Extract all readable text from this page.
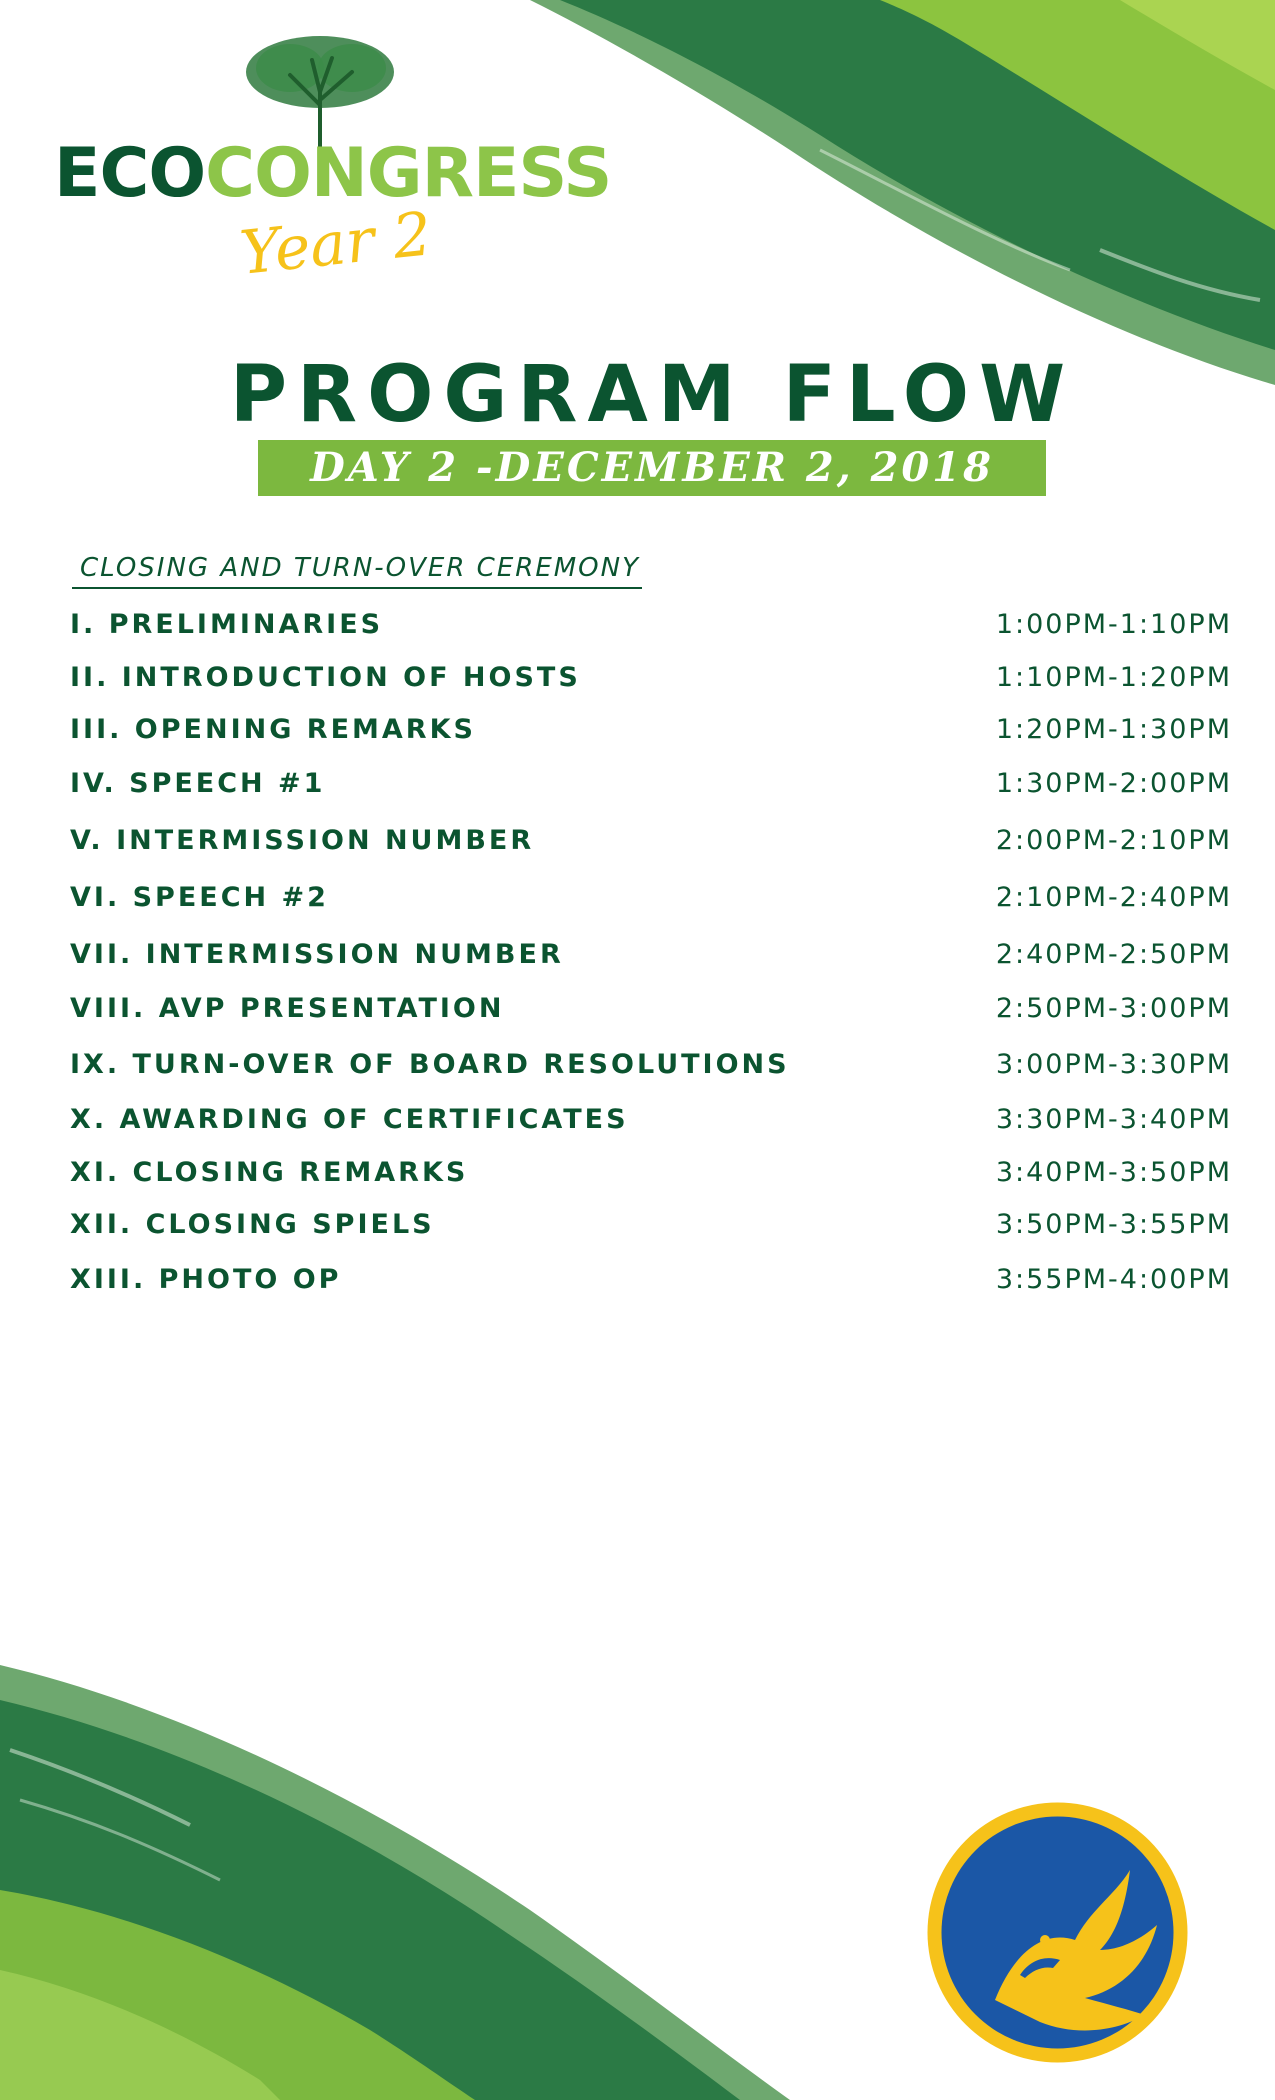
ECOCONGRESS
Year 2
PROGRAM FLOW
DAY 2 -DECEMBER 2, 2018
CLOSING AND TURN-OVER CEREMONY
I. PRELIMINARIES	1:00PM-1:10PM
II. INTRODUCTION OF HOSTS	1:10PM-1:20PM
III. OPENING REMARKS	1:20PM-1:30PM
IV. SPEECH #1	1:30PM-2:00PM
V. INTERMISSION NUMBER	2:00PM-2:10PM
VI. SPEECH #2	2:10PM-2:40PM
VII. INTERMISSION NUMBER	2:40PM-2:50PM
VIII. AVP PRESENTATION	2:50PM-3:00PM
IX. TURN-OVER OF BOARD RESOLUTIONS	3:00PM-3:30PM
X. AWARDING OF CERTIFICATES	3:30PM-3:40PM
XI. CLOSING REMARKS	3:40PM-3:50PM
XII. CLOSING SPIELS	3:50PM-3:55PM
XIII. PHOTO OP	3:55PM-4:00PM
